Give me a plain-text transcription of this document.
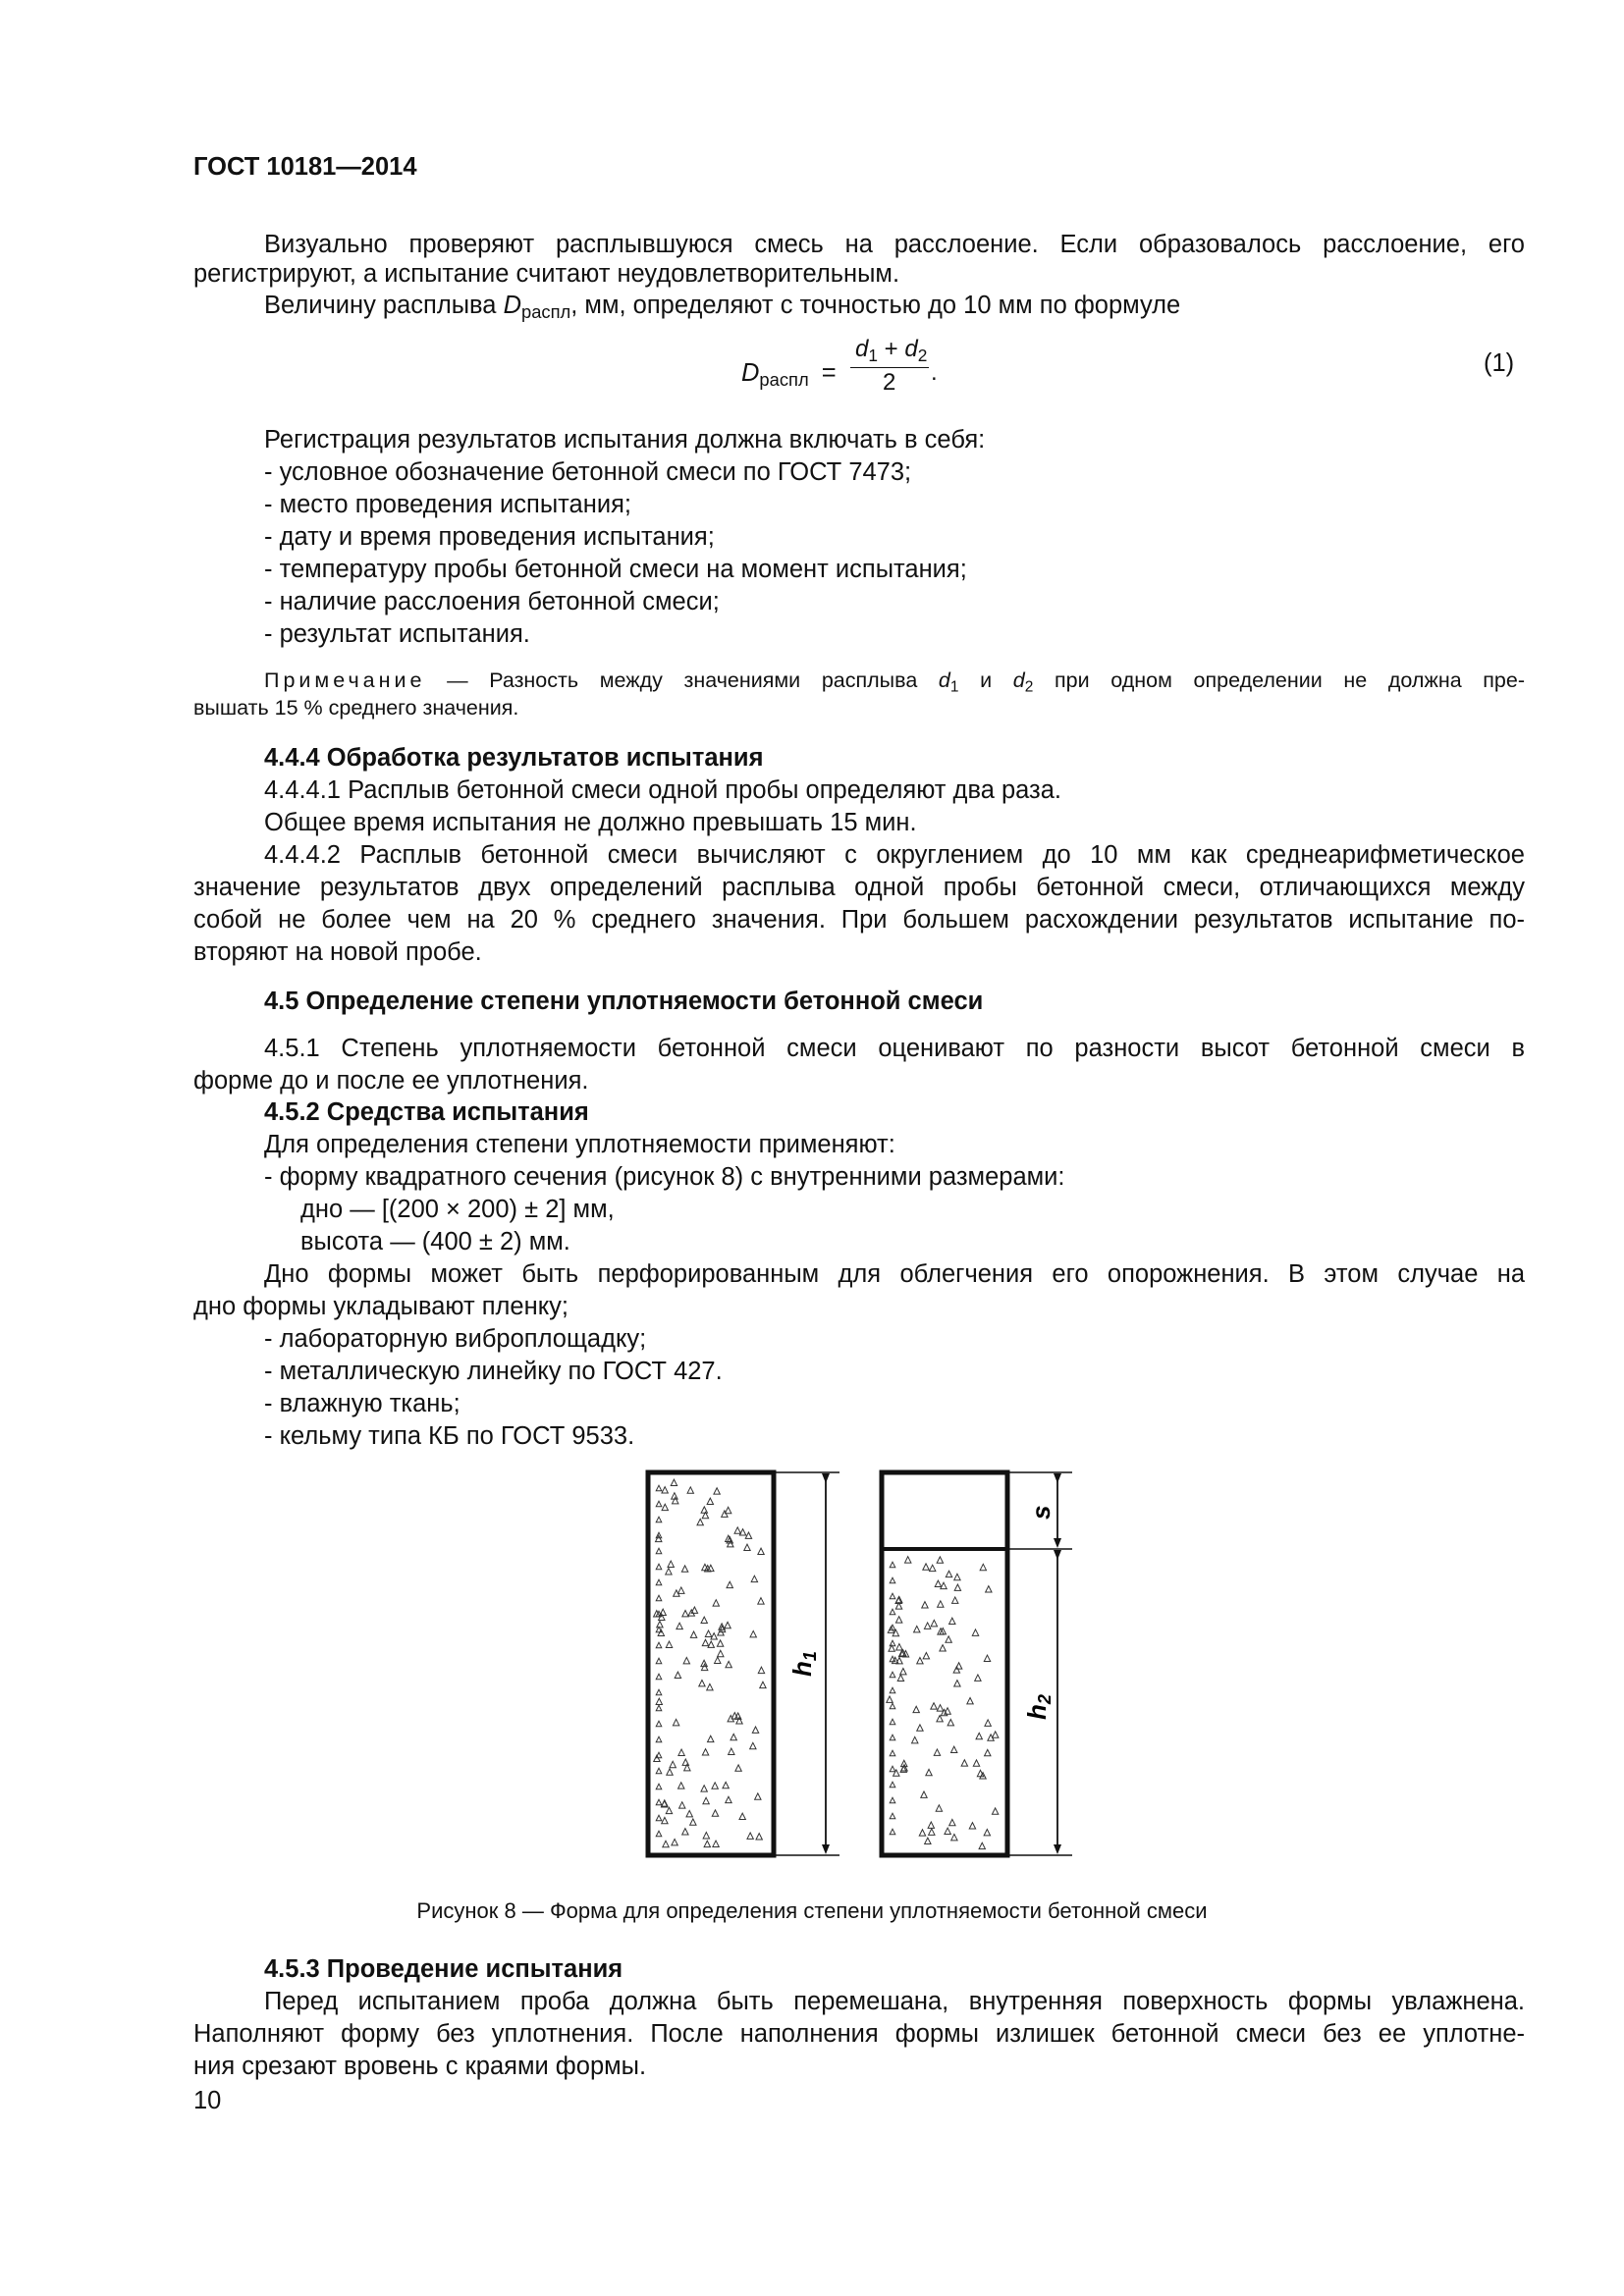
ГОСТ 10181—2014
Визуально проверяют расплывшуюся смесь на расслоение. Если образовалось расслоение, его
регистрируют, а испытание считают неудовлетворительным.
Величину расплыва $D_{распл}$, мм, определяют с точностью до 10 мм по формуле
$D_{распл}$ =
$d_1 + d_2$
2 .	(1)
Регистрация результатов испытания должна включать в себя:
- условное обозначение бетонной смеси по ГОСТ 7473;
- место проведения испытания;
- дату и время проведения испытания;
- температуру пробы бетонной смеси на момент испытания;
- наличие расслоения бетонной смеси;
- результат испытания.
Примечание — Разность между значениями расплыва $d_1$ и $d_2$ при одном определении не должна пре-
вышать 15 % среднего значения.
4.4.4 Обработка результатов испытания
4.4.4.1 Расплыв бетонной смеси одной пробы определяют два раза.
Общее время испытания не должно превышать 15 мин.
4.4.4.2 Расплыв бетонной смеси вычисляют с округлением до 10 мм как среднеарифметическое
значение результатов двух определений расплыва одной пробы бетонной смеси, отличающихся между
собой не более чем на 20 % среднего значения. При большем расхождении результатов испытание по-
вторяют на новой пробе.
4.5 Определение степени уплотняемости бетонной смеси
4.5.1 Степень уплотняемости бетонной смеси оценивают по разности высот бетонной смеси в
форме до и после ее уплотнения.
4.5.2 Средства испытания
Для определения степени уплотняемости применяют:
- форму квадратного сечения (рисунок 8) с внутренними размерами:
дно — [(200 × 200) ± 2] мм,
высота — (400 ± 2) мм.
Дно формы может быть перфорированным для облегчения его опорожнения. В этом случае на
дно формы укладывают пленку;
- лабораторную виброплощадку;
- металлическую линейку по ГОСТ 427.
- влажную ткань;
- кельму типа КБ по ГОСТ 9533.
h1
s
h2
Рисунок 8 — Форма для определения степени уплотняемости бетонной смеси
4.5.3 Проведение испытания
Перед испытанием проба должна быть перемешана, внутренняя поверхность формы увлажнена.
Наполняют форму без уплотнения. После наполнения формы излишек бетонной смеси без ее уплотне-
ния срезают вровень с краями формы.
10
